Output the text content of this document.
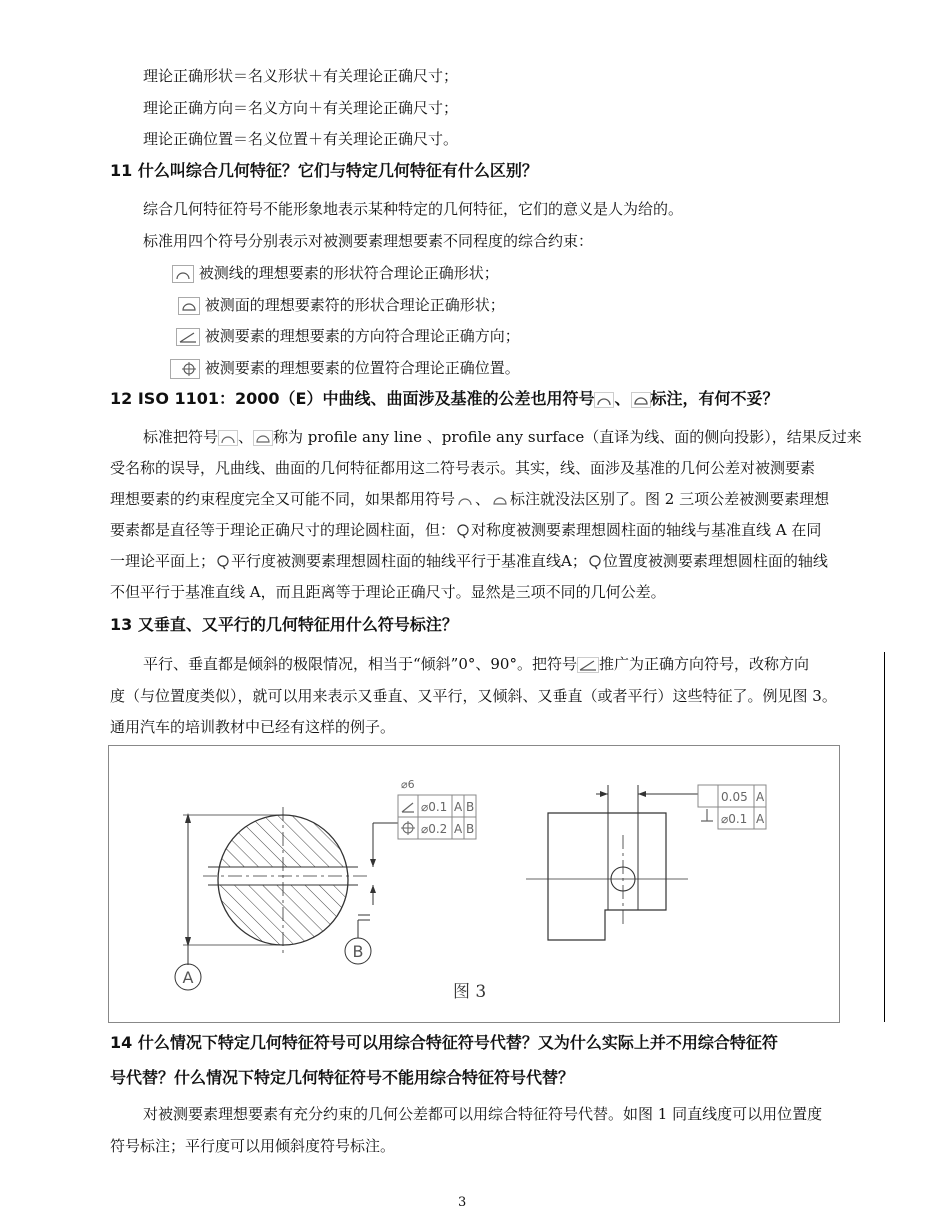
理论正确形状＝名义形状＋有关理论正确尺寸；
理论正确方向＝名义方向＋有关理论正确尺寸；
理论正确位置＝名义位置＋有关理论正确尺寸。
11 什么叫综合几何特征？它们与特定几何特征有什么区别？
综合几何特征符号不能形象地表示某种特定的几何特征，它们的意义是人为给的。
标准用四个符号分别表示对被测要素理想要素不同程度的综合约束：
被测线的理想要素的形状符合理论正确形状；
被测面的理想要素符的形状合理论正确形状；
被测要素的理想要素的方向符合理论正确方向；
被测要素的理想要素的位置符合理论正确位置。
12 ISO 1101：2000（E）中曲线、曲面涉及基准的公差也用符号 、 标注，有何不妥？
标准把符号 、 称为 profile any line 、profile any surface（直译为线、面的侧向投影），结果反过来
受名称的误导，凡曲线、曲面的几何特征都用这二符号表示。其实，线、面涉及基准的几何公差对被测要素
理想要素的约束程度完全又可能不同，如果都用符号 、 标注就没法区别了。图 2 三项公差被测要素理想
要素都是直径等于理论正确尺寸的理论圆柱面，但： 对称度被测要素理想圆柱面的轴线与基准直线 A 在同
一理论平面上； 平行度被测要素理想圆柱面的轴线平行于基准直线A； 位置度被测要素理想圆柱面的轴线
不但平行于基准直线 A，而且距离等于理论正确尺寸。显然是三项不同的几何公差。
13 又垂直、又平行的几何特征用什么符号标注？
平行、垂直都是倾斜的极限情况，相当于“倾斜”0°、90°。把符号 推广为正确方向符号，改称方向
度（与位置度类似），就可以用来表示又垂直、又平行，又倾斜、又垂直（或者平行）这些特征了。例见图 3。
通用汽车的培训教材中已经有这样的例子。
A
B
⌀6
⌀0.1 A B
⌀0.2 A B
0.05 A
⌀0.1 A
图 3
14 什么情况下特定几何特征符号可以用综合特征符号代替？又为什么实际上并不用综合特征符
号代替？什么情况下特定几何特征符号不能用综合特征符号代替？
对被测要素理想要素有充分约束的几何公差都可以用综合特征符号代替。如图 1 同直线度可以用位置度
符号标注；平行度可以用倾斜度符号标注。
3
